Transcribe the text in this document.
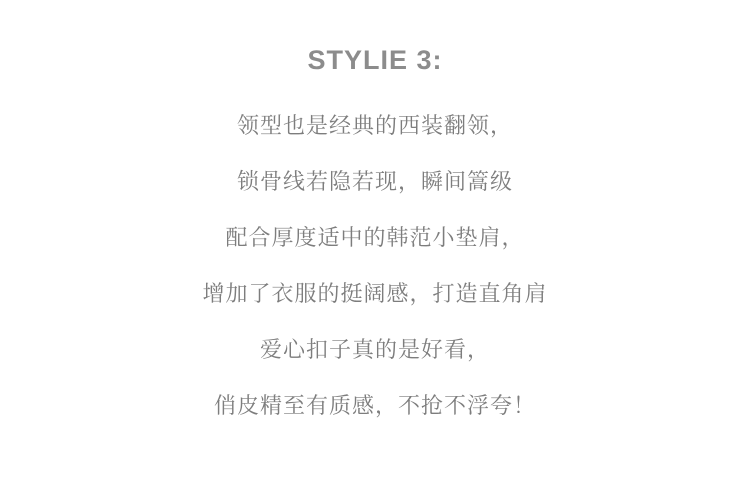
STYLIE 3:
领型也是经典的西装翻领，
锁骨线若隐若现，瞬间篙级
配合厚度适中的韩范小垫肩，
增加了衣服的挺阔感，打造直角肩
爱心扣子真的是好看，
俏皮精至有质感，不抢不浮夸！
